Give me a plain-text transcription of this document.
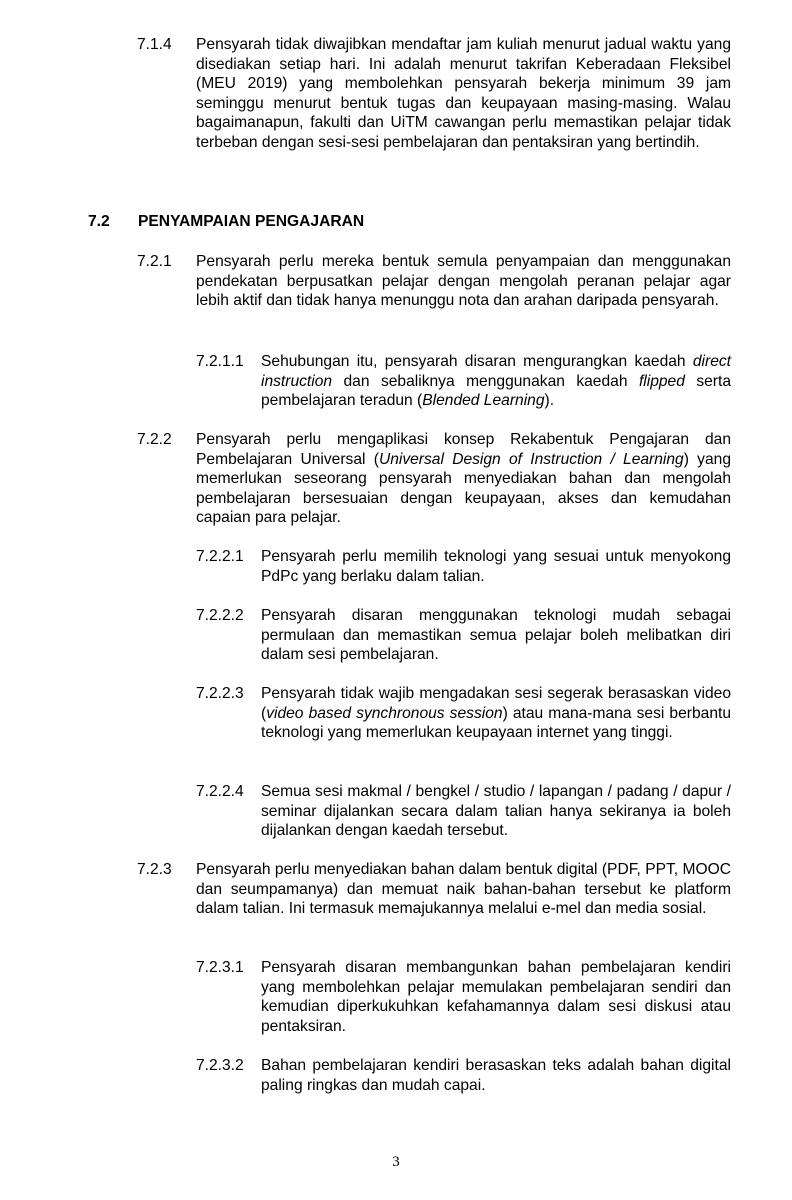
7.1.4	Pensyarah tidak diwajibkan mendaftar jam kuliah menurut jadual waktu yang disediakan setiap hari. Ini adalah menurut takrifan Keberadaan Fleksibel (MEU 2019) yang membolehkan pensyarah bekerja minimum 39 jam seminggu menurut bentuk tugas dan keupayaan masing-masing. Walau bagaimanapun, fakulti dan UiTM cawangan perlu memastikan pelajar tidak terbeban dengan sesi-sesi pembelajaran dan pentaksiran yang bertindih.
7.2	PENYAMPAIAN PENGAJARAN
7.2.1	Pensyarah perlu mereka bentuk semula penyampaian dan menggunakan pendekatan berpusatkan pelajar dengan mengolah peranan pelajar agar lebih aktif dan tidak hanya menunggu nota dan arahan daripada pensyarah.
7.2.1.1	Sehubungan itu, pensyarah disaran mengurangkan kaedah direct instruction dan sebaliknya menggunakan kaedah flipped serta pembelajaran teradun (Blended Learning).
7.2.2	Pensyarah perlu mengaplikasi konsep Rekabentuk Pengajaran dan Pembelajaran Universal (Universal Design of Instruction / Learning) yang memerlukan seseorang pensyarah menyediakan bahan dan mengolah pembelajaran bersesuaian dengan keupayaan, akses dan kemudahan capaian para pelajar.
7.2.2.1	Pensyarah perlu memilih teknologi yang sesuai untuk menyokong PdPc yang berlaku dalam talian.
7.2.2.2	Pensyarah disaran menggunakan teknologi mudah sebagai permulaan dan memastikan semua pelajar boleh melibatkan diri dalam sesi pembelajaran.
7.2.2.3	Pensyarah tidak wajib mengadakan sesi segerak berasaskan video (video based synchronous session) atau mana-mana sesi berbantu teknologi yang memerlukan keupayaan internet yang tinggi.
7.2.2.4	Semua sesi makmal / bengkel / studio / lapangan / padang / dapur / seminar dijalankan secara dalam talian hanya sekiranya ia boleh dijalankan dengan kaedah tersebut.
7.2.3	Pensyarah perlu menyediakan bahan dalam bentuk digital (PDF, PPT, MOOC dan seumpamanya) dan memuat naik bahan-bahan tersebut ke platform dalam talian. Ini termasuk memajukannya melalui e-mel dan media sosial.
7.2.3.1	Pensyarah disaran membangunkan bahan pembelajaran kendiri yang membolehkan pelajar memulakan pembelajaran sendiri dan kemudian diperkukuhkan kefahamannya dalam sesi diskusi atau pentaksiran.
7.2.3.2	Bahan pembelajaran kendiri berasaskan teks adalah bahan digital paling ringkas dan mudah capai.
3
